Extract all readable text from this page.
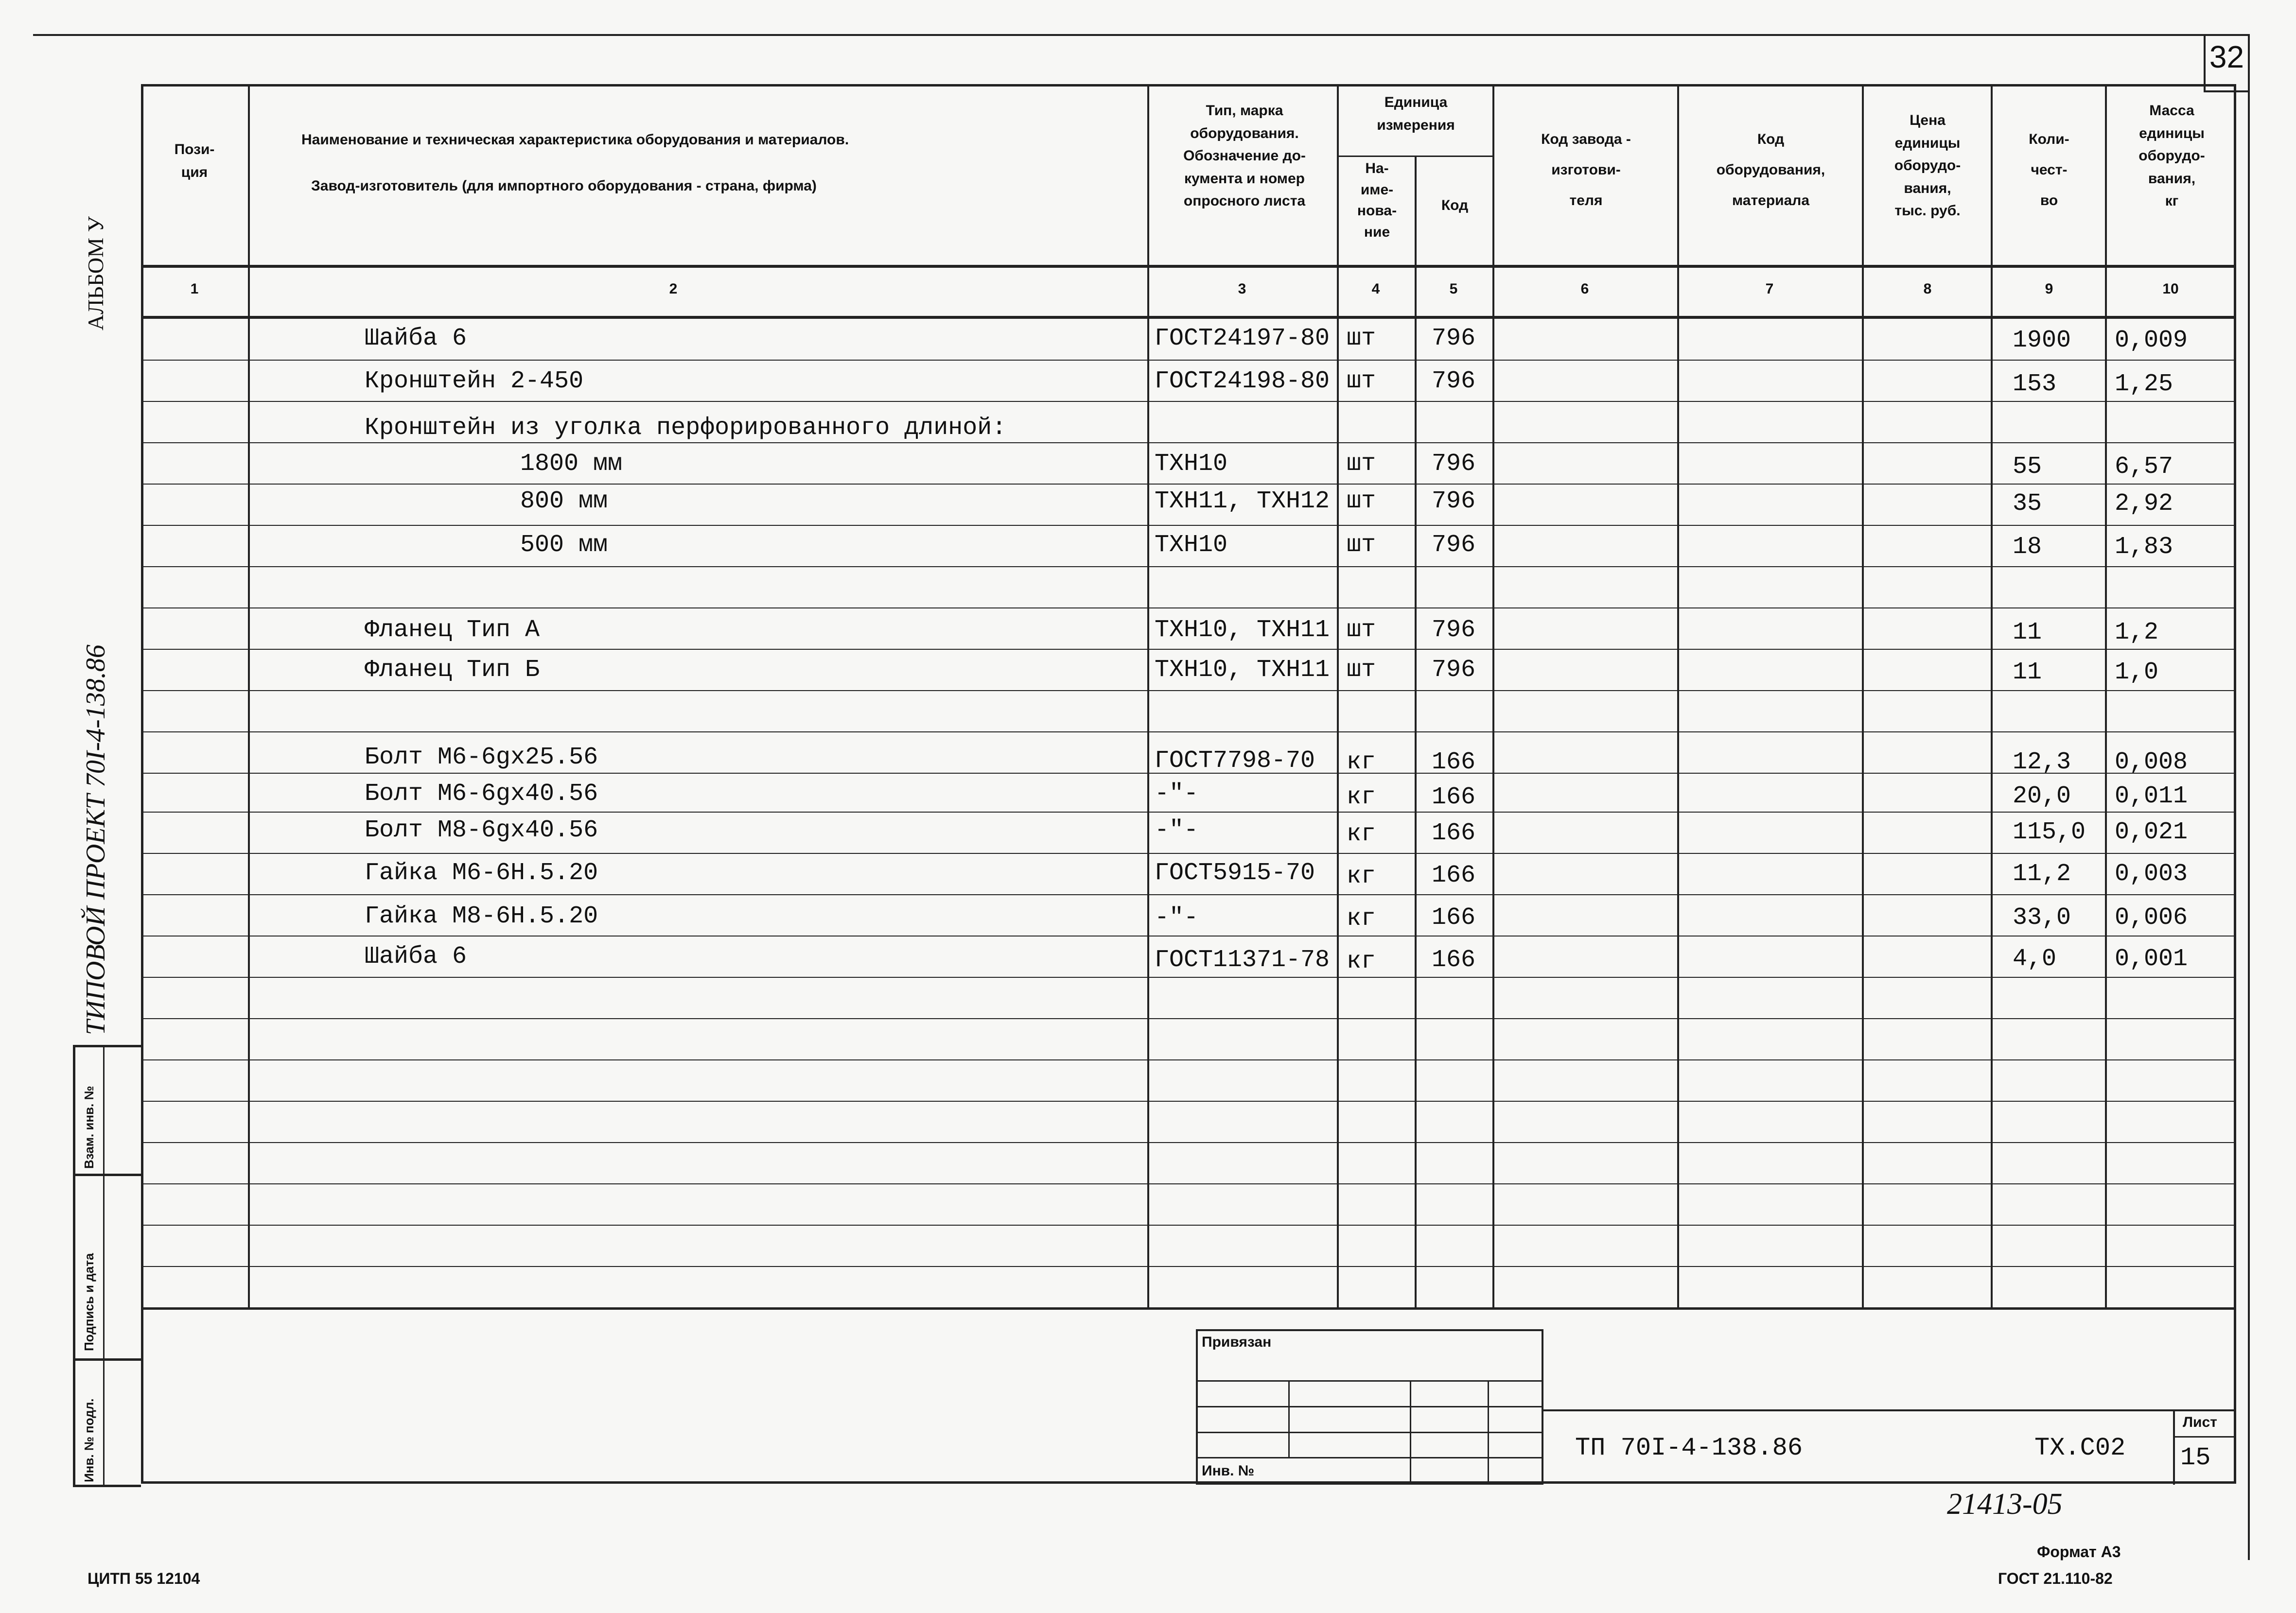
32
АЛЬБОМ У
ТИПОВОЙ ПРОЕКТ 70I-4-138.86
Инв. № подл.
Подпись и дата
Взам. инв. №
Пози-
ция
Наименование и техническая характеристика оборудования и материалов.
Завод-изготовитель (для импортного оборудования - страна, фирма)
Тип, марка
оборудования.
Обозначение до-
кумента и номер
опросного листа
Единица
измерения
На-
име-
нова-
ние
Код
Код завода -
изготови-
теля
Код
оборудования,
материала
Цена
единицы
оборудо-
вания,
тыс. руб.
Коли-
чест-
во
Масса
единицы
оборудо-
вания,
кг
1	2	3	4	5	6	7	8	9	10
Шайба 6	ГОСТ24197-80 шт 796	1900 0,009
Кронштейн 2-450	ГОСТ24198-80 шт 796	153 1,25
Кронштейн из уголка перфорированного длиной:
1800 мм	ТХН10	шт 796	55	6,57
800 мм	ТХН11, ТХН12 шт 796	35	2,92
500 мм	ТХН10	шт 796	18	1,83
Фланец Тип А	ТХН10, ТХН11 шт 796	11	1,2
Фланец Тип Б	ТХН10, ТХН11 шт 796	11	1,0
Болт М6-6gx25.56	ГОСТ7798-70 кг 166	12,3 0,008
Болт М6-6gx40.56	-"-	кг 166	20,0 0,011
Болт М8-6gx40.56	-"-	кг 166	115,0 0,021
Гайка М6-6Н.5.20	ГОСТ5915-70 кг 166	11,2 0,003
Гайка М8-6Н.5.20	-"-	кг 166	33,0 0,006
Шайба 6	ГОСТ11371-78 кг 166	4,0 0,001
Привязан
Инв. №
ТП 70I-4-138.86	ТХ.С02
Лист
15
21413-05
ЦИТП 55 12104
Формат А3
ГОСТ 21.110-82
